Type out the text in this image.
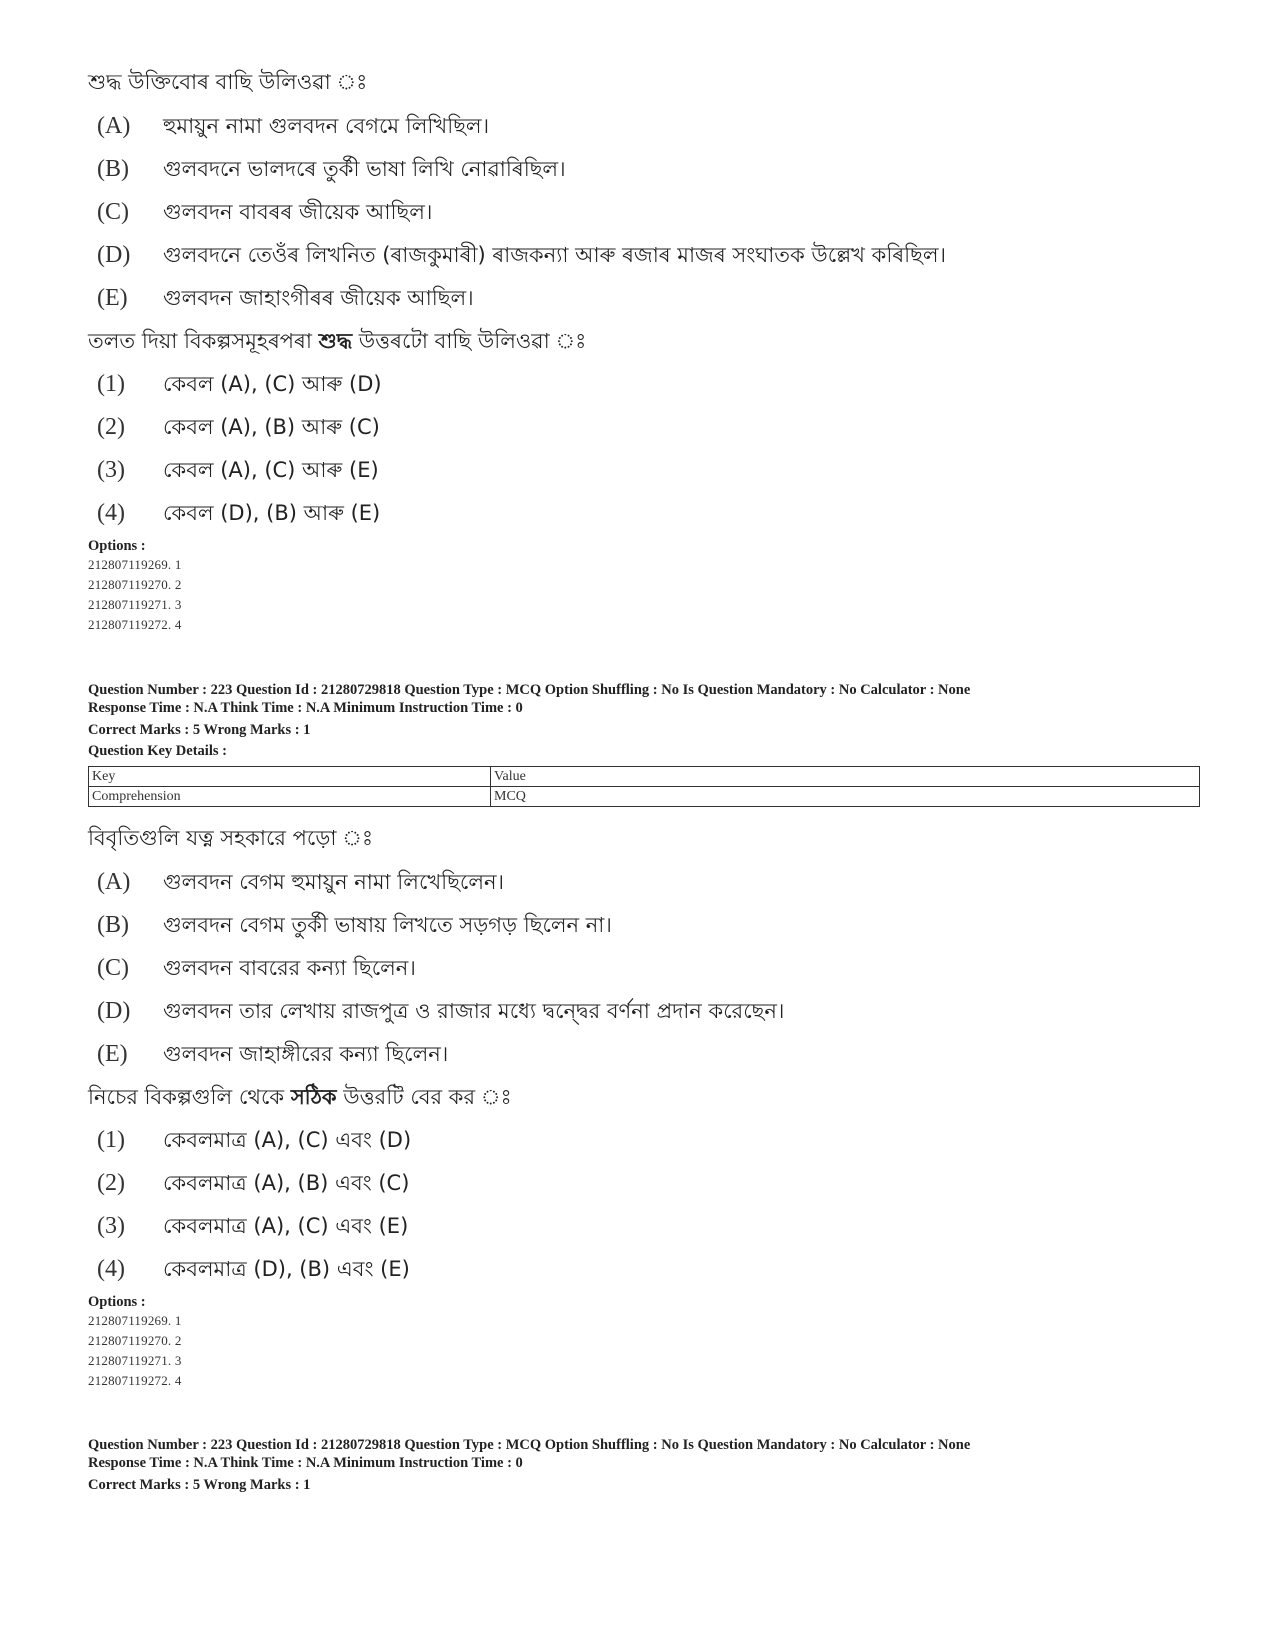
শুদ্ধ উক্তিবোৰ বাছি উলিওৱা ঃ
(A) হুমায়ুন নামা গুলবদন বেগমে লিখিছিল।
(B) গুলবদনে ভালদৰে তুৰ্কী ভাষা লিখি নোৱাৰিছিল।
(C) গুলবদন বাবৰৰ জীয়েক আছিল।
(D) গুলবদনে তেওঁৰ লিখনিত (ৰাজকুমাৰী) ৰাজকন্যা আৰু ৰজাৰ মাজৰ সংঘাতক উল্লেখ কৰিছিল।
(E) গুলবদন জাহাংগীৰৰ জীয়েক আছিল।
তলত দিয়া বিকল্পসমূহৰপৰা শুদ্ধ উত্তৰটো বাছি উলিওৱা ঃ
(1) কেবল (A), (C) আৰু (D)
(2) কেবল (A), (B) আৰু (C)
(3) কেবল (A), (C) আৰু (E)
(4) কেবল (D), (B) আৰু (E)
Options :
212807119269. 1
212807119270. 2
212807119271. 3
212807119272. 4
Question Number : 223 Question Id : 21280729818 Question Type : MCQ Option Shuffling : No Is Question Mandatory : No Calculator : None
Response Time : N.A Think Time : N.A Minimum Instruction Time : 0
Correct Marks : 5 Wrong Marks : 1
Question Key Details :
Key	Value
Comprehension	MCQ
বিবৃতিগুলি যত্ন সহকারে পড়ো ঃ
(A) গুলবদন বেগম হুমায়ুন নামা লিখেছিলেন।
(B) গুলবদন বেগম তুর্কী ভাষায় লিখতে সড়গড় ছিলেন না।
(C) গুলবদন বাবরের কন্যা ছিলেন।
(D) গুলবদন তার লেখায় রাজপুত্র ও রাজার মধ্যে দ্বন্দ্বের বর্ণনা প্রদান করেছেন।
(E) গুলবদন জাহাঙ্গীরের কন্যা ছিলেন।
নিচের বিকল্পগুলি থেকে সঠিক উত্তরটি বের কর ঃ
(1) কেবলমাত্র (A), (C) এবং (D)
(2) কেবলমাত্র (A), (B) এবং (C)
(3) কেবলমাত্র (A), (C) এবং (E)
(4) কেবলমাত্র (D), (B) এবং (E)
Options :
212807119269. 1
212807119270. 2
212807119271. 3
212807119272. 4
Question Number : 223 Question Id : 21280729818 Question Type : MCQ Option Shuffling : No Is Question Mandatory : No Calculator : None
Response Time : N.A Think Time : N.A Minimum Instruction Time : 0
Correct Marks : 5 Wrong Marks : 1
